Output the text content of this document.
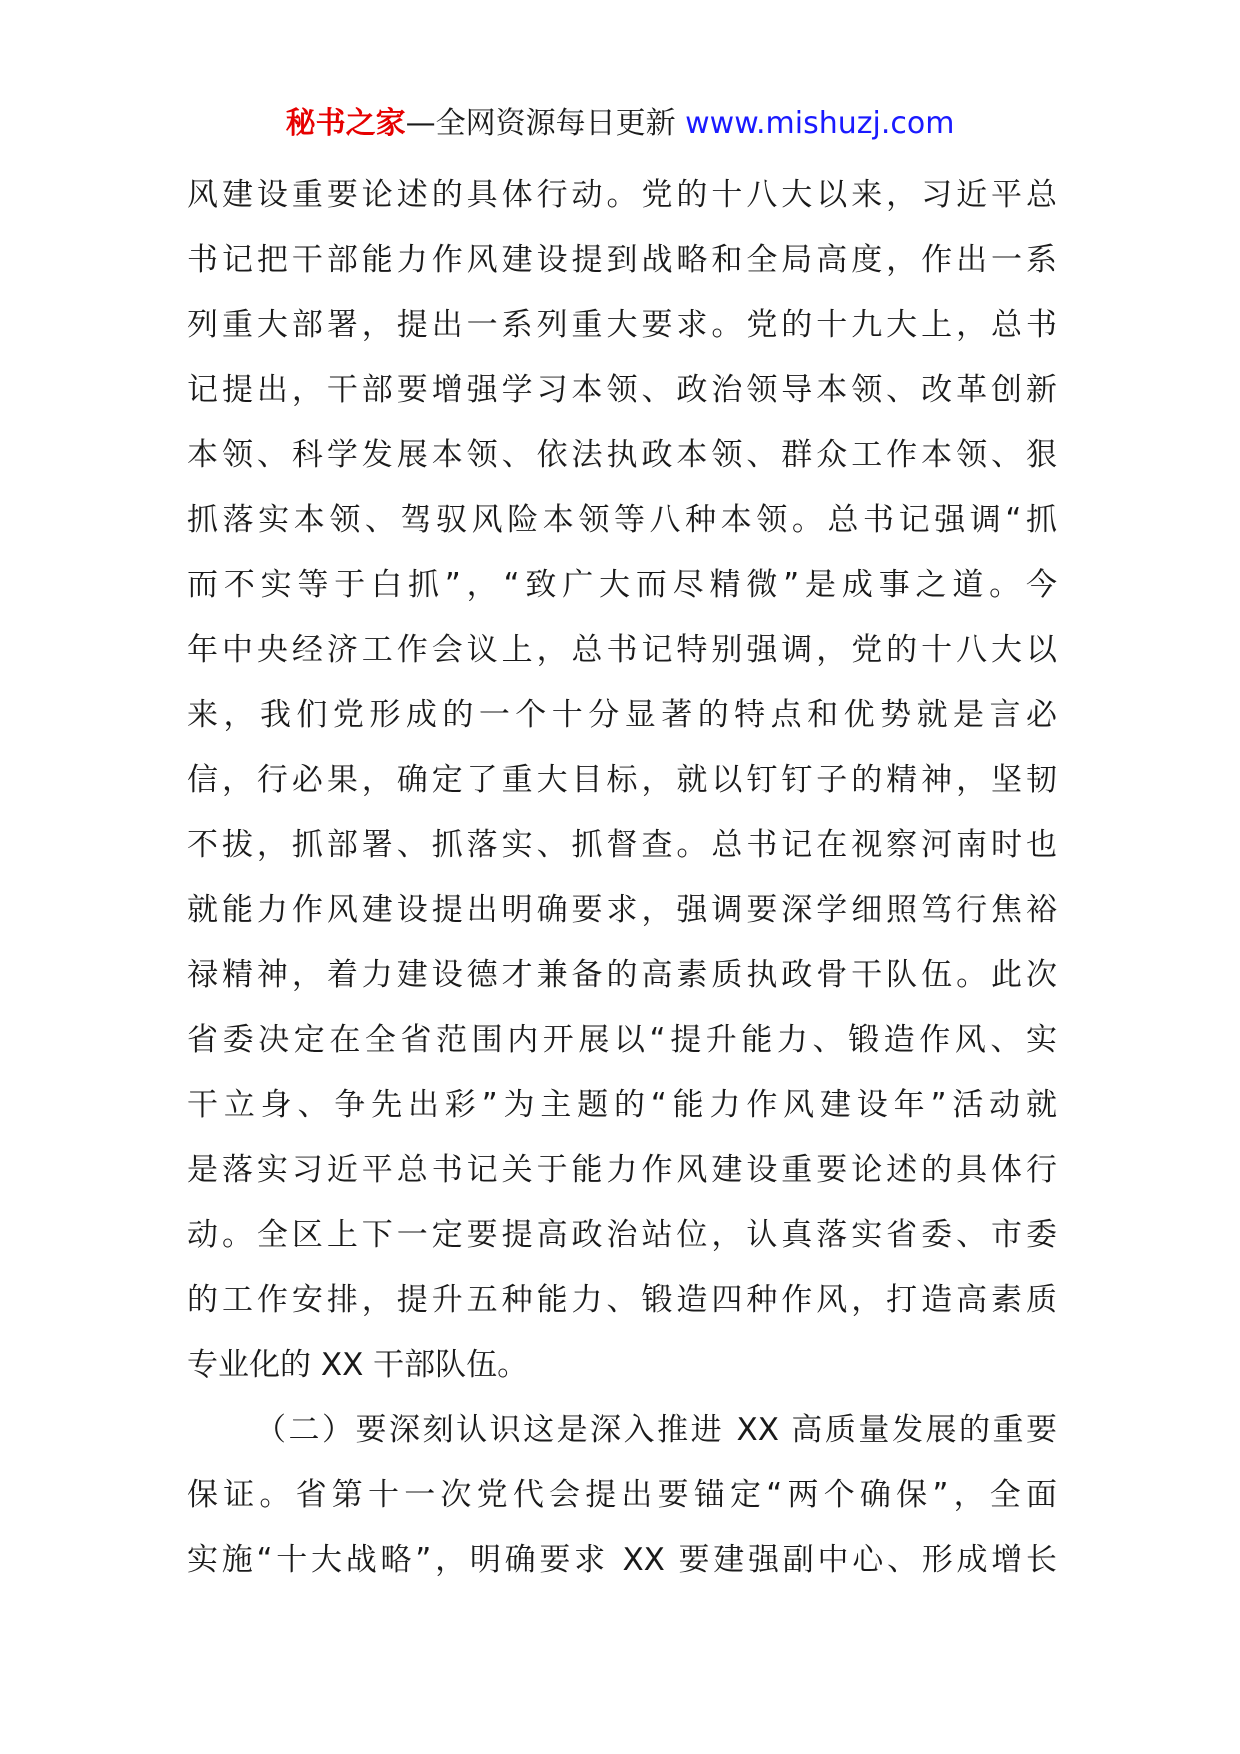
秘书之家—全网资源每日更新 www.mishuzj.com
风建设重要论述的具体行动。党的十八大以来，习近平总
书记把干部能力作风建设提到战略和全局高度，作出一系
列重大部署，提出一系列重大要求。党的十九大上，总书
记提出，干部要增强学习本领、政治领导本领、改革创新
本领、科学发展本领、依法执政本领、群众工作本领、狠
抓落实本领、驾驭风险本领等八种本领。总书记强调“抓
而不实等于白抓”，“致广大而尽精微”是成事之道。今
年中央经济工作会议上，总书记特别强调，党的十八大以
来，我们党形成的一个十分显著的特点和优势就是言必
信，行必果，确定了重大目标，就以钉钉子的精神，坚韧
不拔，抓部署、抓落实、抓督查。总书记在视察河南时也
就能力作风建设提出明确要求，强调要深学细照笃行焦裕
禄精神，着力建设德才兼备的高素质执政骨干队伍。此次
省委决定在全省范围内开展以“提升能力、锻造作风、实
干立身、争先出彩”为主题的“能力作风建设年”活动就
是落实习近平总书记关于能力作风建设重要论述的具体行
动。全区上下一定要提高政治站位，认真落实省委、市委
的工作安排，提升五种能力、锻造四种作风，打造高素质
专业化的 XX 干部队伍。
（二）要深刻认识这是深入推进 XX 高质量发展的重要
保证。省第十一次党代会提出要锚定“两个确保”，全面
实施“十大战略”，明确要求 XX 要建强副中心、形成增长
